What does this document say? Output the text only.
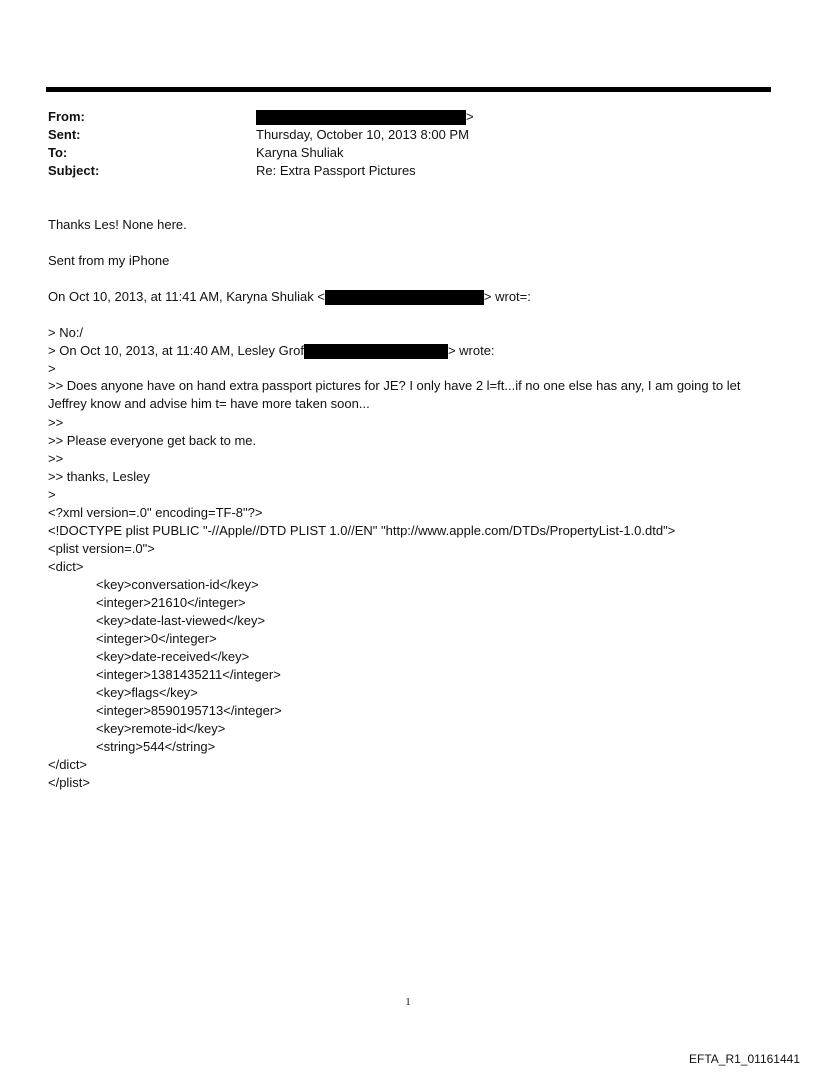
From:	>
Sent:	Thursday, October 10, 2013 8:00 PM
To:	Karyna Shuliak
Subject:	Re: Extra Passport Pictures
Thanks Les! None here.
Sent from my iPhone
On Oct 10, 2013, at 11:41 AM, Karyna Shuliak <	> wrot=:
> No:/
> On Oct 10, 2013, at 11:40 AM, Lesley Grof	> wrote:
>
>> Does anyone have on hand extra passport pictures for JE? I only have 2 l=ft...if no one else has any, I am going to let Jeffrey know and advise him t= have more taken soon...
>>
>> Please everyone get back to me.
>>
>> thanks, Lesley
>
<?xml version=.0" encoding=TF-8"?>
<!DOCTYPE plist PUBLIC "-//Apple//DTD PLIST 1.0//EN" "http://www.apple.com/DTDs/PropertyList-1.0.dtd">
<plist version=.0">
<dict>
<key>conversation-id</key>
<integer>21610</integer>
<key>date-last-viewed</key>
<integer>0</integer>
<key>date-received</key>
<integer>1381435211</integer>
<key>flags</key>
<integer>8590195713</integer>
<key>remote-id</key>
<string>544</string>
</dict>
</plist>
1
EFTA_R1_01161441
